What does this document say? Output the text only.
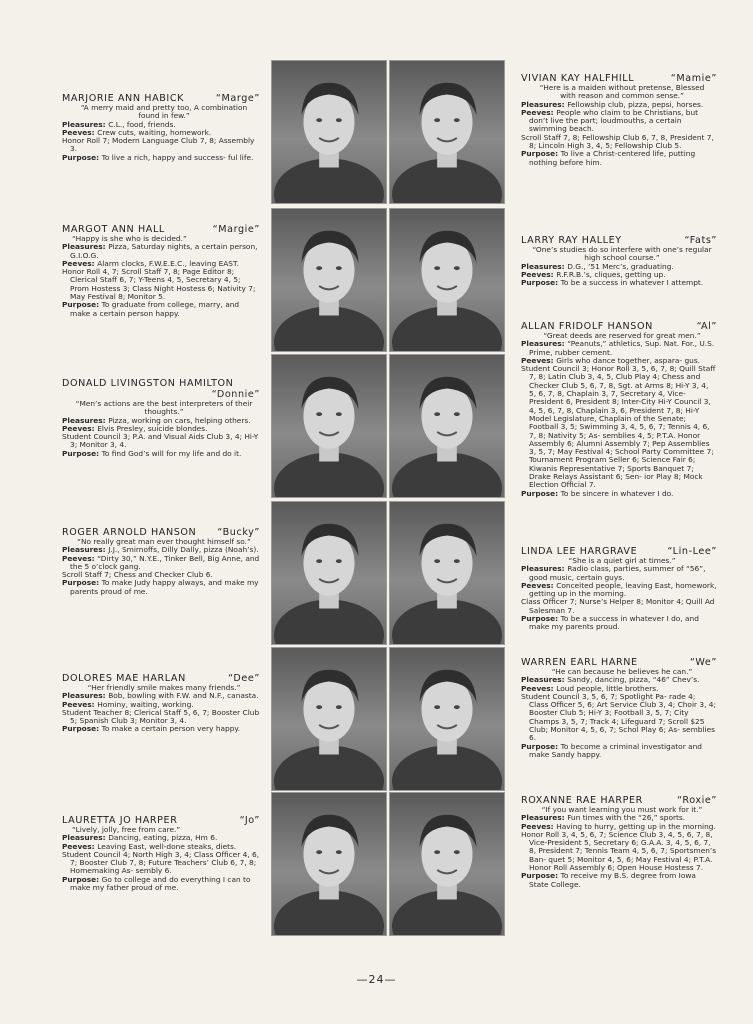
MARJORIE ANN HABICK	“Marge”
“A merry maid and pretty too, A combination found in few.”
Pleasures: C.L., food, friends.
Peeves: Crew cuts, waiting, homework.
Honor Roll 7; Modern Language Club 7, 8; Assembly 3.
Purpose: To live a rich, happy and success- ful life.
MARGOT ANN HALL	“Margie”
“Happy is she who is decided.”
Pleasures: Pizza, Saturday nights, a certain person, G.I.O.G.
Peeves: Alarm clocks, F.W.E.E.C., leaving EAST.
Honor Roll 4, 7; Scroll Staff 7, 8; Page Editor 8; Clerical Staff 6, 7; Y-Teens 4, 5, Secretary 4, 5; Prom Hostess 3; Class Night Hostess 6; Nativity 7; May Festival 8; Monitor 5.
Purpose: To graduate from college, marry, and make a certain person happy.
DONALD LIVINGSTON HAMILTON
“Donnie”
“Men’s actions are the best interpreters of their thoughts.”
Pleasures: Pizza, working on cars, helping others.
Peeves: Elvis Presley, suicide blondes.
Student Council 3; P.A. and Visual Aids Club 3, 4; Hi-Y 3; Monitor 3, 4.
Purpose: To find God’s will for my life and do it.
ROGER ARNOLD HANSON “Bucky”
“No really great man ever thought himself so.”
Pleasures: J.J., Smirnoffs, Dilly Dally, pizza (Noah’s).
Peeves: “Dirty 30,” N.Y.E., Tinker Bell, Big Anne, and the 5 o’clock gang.
Scroll Staff 7; Chess and Checker Club 6.
Purpose: To make Judy happy always, and make my parents proud of me.
DOLORES MAE HARLAN	“Dee”
“Her friendly smile makes many friends.”
Pleasures: Bob, bowling with F.W. and N.F., canasta.
Peeves: Hominy, waiting, working.
Student Teacher 8; Clerical Staff 5, 6, 7; Booster Club 5; Spanish Club 3; Monitor 3, 4.
Purpose: To make a certain person very happy.
LAURETTA JO HARPER	“Jo”
“Lively, jolly, free from care.”
Pleasures: Dancing, eating, pizza, Hm 6.
Peeves: Leaving East, well-done steaks, diets.
Student Council 4; North High 3, 4; Class Officer 4, 6, 7; Booster Club 7, 8; Future Teachers’ Club 6, 7, 8; Homemaking As- sembly 6.
Purpose: Go to college and do everything I can to make my father proud of me.
VIVIAN KAY HALFHILL	“Mamie”
“Here is a maiden without pretense, Blessed with reason and common sense.”
Pleasures: Fellowship club, pizza, pepsi, horses.
Peeves: People who claim to be Christians, but don’t live the part; loudmouths, a certain swimming beach.
Scroll Staff 7, 8; Fellowship Club 6, 7, 8, President 7, 8; Lincoln High 3, 4, 5; Fellowship Club 5.
Purpose: To live a Christ-centered life, putting nothing before him.
LARRY RAY HALLEY	“Fats”
“One’s studies do so interfere with one’s regular high school course.”
Pleasures: D.G., ’51 Merc’s, graduating.
Peeves: R.F.R.B.’s, cliques, getting up.
Purpose: To be a success in whatever I attempt.
ALLAN FRIDOLF HANSON	“Al”
“Great deeds are reserved for great men.”
Pleasures: “Peanuts,” athletics, Sup. Nat. For., U.S. Prime, rubber cement.
Peeves: Girls who dance together, aspara- gus.
Student Council 3; Honor Roll 3, 5, 6, 7, 8; Quill Staff 7, 8; Latin Club 3, 4, 5, Club Play 4; Chess and Checker Club 5, 6, 7, 8, Sgt. at Arms 8; Hi-Y 3, 4, 5, 6, 7, 8, Chaplain 3, 7, Secretary 4, Vice-President 6, President 8; Inter-City Hi-Y Council 3, 4, 5, 6, 7, 8, Chaplain 3, 6, President 7, 8; Hi-Y Model Legislature, Chaplain of the Senate; Football 3, 5; Swimming 3, 4, 5, 6, 7; Tennis 4, 6, 7, 8; Nativity 5; As- semblies 4, 5; P.T.A. Honor Assembly 6; Alumni Assembly 7; Pep Assemblies 3, 5, 7; May Festival 4; School Party Committee 7; Tournament Program Seller 6; Science Fair 6; Kiwanis Representative 7; Sports Banquet 7; Drake Relays Assistant 6; Sen- ior Play 8; Mock Election Official 7.
Purpose: To be sincere in whatever I do.
LINDA LEE HARGRAVE	“Lin-Lee”
“She is a quiet girl at times.”
Pleasures: Radio class, parties, summer of “56”, good music, certain guys.
Peeves: Conceited people, leaving East, homework, getting up in the morning.
Class Officer 7; Nurse’s Helper 8; Monitor 4; Quill Ad Salesman 7.
Purpose: To be a success in whatever I do, and make my parents proud.
WARREN EARL HARNE	“We”
“He can because he believes he can.”
Pleasures: Sandy, dancing, pizza, “46” Chev’s.
Peeves: Loud people, little brothers.
Student Council 3, 5, 6, 7; Spotlight Pa- rade 4; Class Officer 5, 6; Art Service Club 3, 4; Choir 3, 4; Booster Club 5; Hi-Y 3; Football 3, 5, 7; City Champs 3, 5, 7; Track 4; Lifeguard 7; Scroll $25 Club; Monitor 4, 5, 6, 7; Schol Play 6; As- semblies 6.
Purpose: To become a criminal investigator and make Sandy happy.
ROXANNE RAE HARPER	“Roxie”
“If you want learning you must work for it.”
Pleasures: Fun times with the “26,” sports.
Peeves: Having to hurry, getting up in the morning.
Honor Roll 3, 4, 5, 6, 7; Science Club 3, 4, 5, 6, 7, 8, Vice-President 5, Secretary 6; G.A.A. 3, 4, 5, 6, 7, 8, President 7; Tennis Team 4, 5, 6, 7; Sportsmen’s Ban- quet 5; Monitor 4, 5, 6; May Festival 4; P.T.A. Honor Roll Assembly 6; Open House Hostess 7.
Purpose: To receive my B.S. degree from Iowa State College.
—24—
